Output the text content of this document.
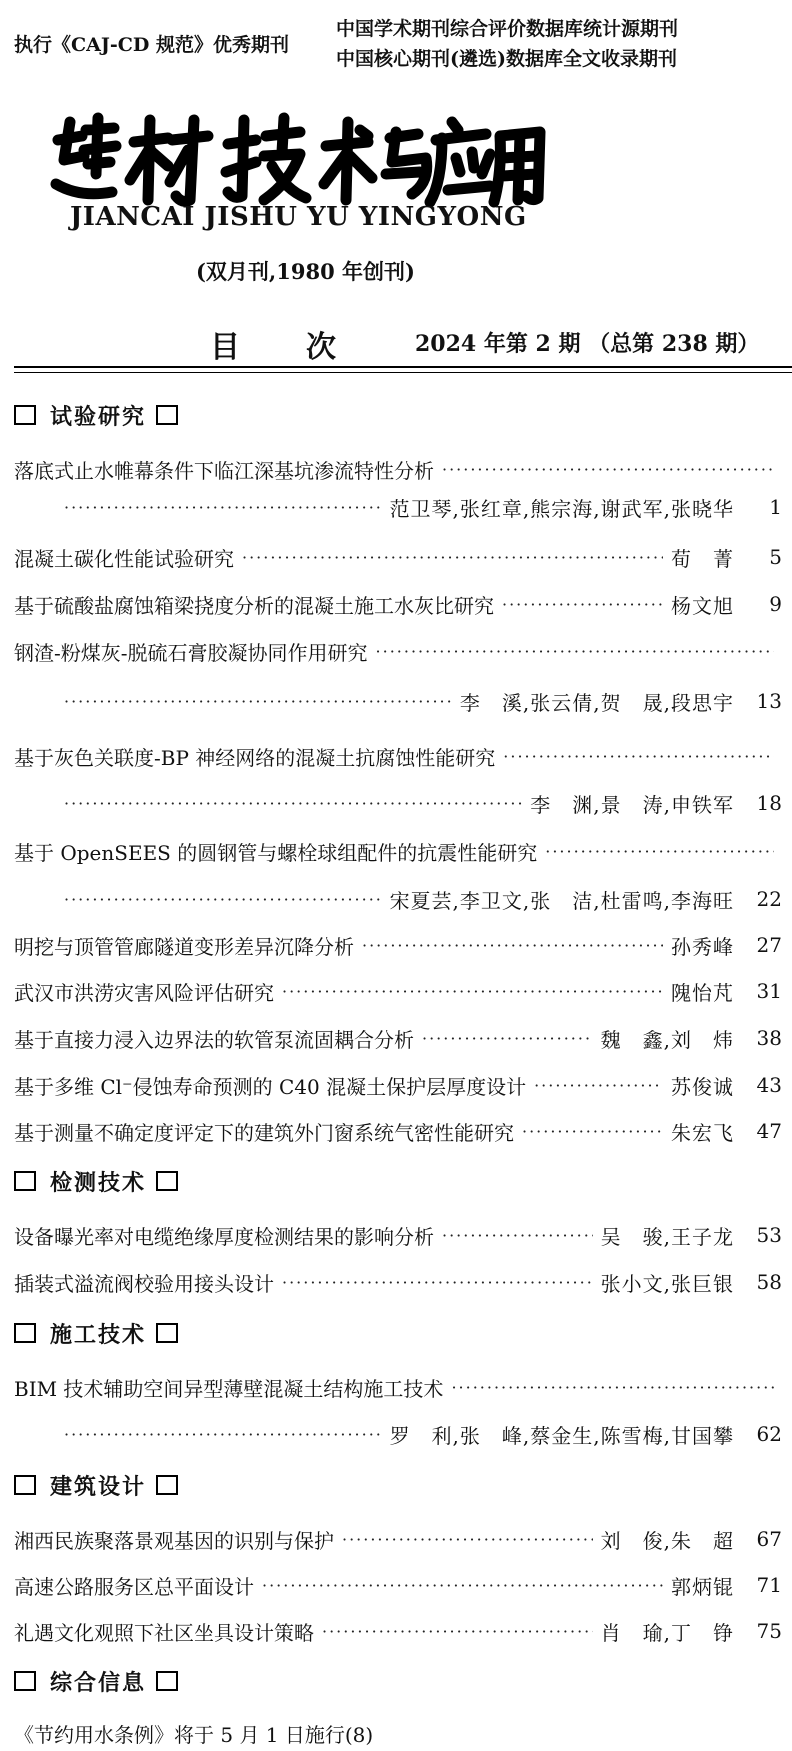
执行《CAJ-CD 规范》优秀期刊
中国学术期刊综合评价数据库统计源期刊
中国核心期刊(遴选)数据库全文收录期刊
JIANCAI JISHU YU YINGYONG
(双月刊,1980 年创刊)
目 次	2024 年第 2 期 （总第 238 期）
试验研究
落底式止水帷幕条件下临江深基坑渗流特性分析
·····
·····
范卫琴,张红章,熊宗海,谢武军,张晓华	1
混凝土碳化性能试验研究 ·····	荀　菁	5
基于硫酸盐腐蚀箱梁挠度分析的混凝土施工水灰比研究 ·····	杨文旭	9
钢渣-粉煤灰-脱硫石膏胶凝协同作用研究
·····
·····
李　溪,张云倩,贺　晟,段思宇	13
基于灰色关联度-BP 神经网络的混凝土抗腐蚀性能研究
·····
·····
李　渊,景　涛,申铁军	18
基于 OpenSEES 的圆钢管与螺栓球组配件的抗震性能研究
·····
·····
宋夏芸,李卫文,张　洁,杜雷鸣,李海旺	22
明挖与顶管管廊隧道变形差异沉降分析 ·····	孙秀峰	27
武汉市洪涝灾害风险评估研究 ·····	隗怡芃	31
基于直接力浸入边界法的软管泵流固耦合分析 ·····	魏　鑫,刘　炜	38
基于多维 Cl⁻侵蚀寿命预测的 C40 混凝土保护层厚度设计 ·····	苏俊诚	43
基于测量不确定度评定下的建筑外门窗系统气密性能研究 ·····	朱宏飞	47
检测技术
设备曝光率对电缆绝缘厚度检测结果的影响分析 ·····	吴　骏,王子龙	53
插装式溢流阀校验用接头设计 ·····	张小文,张巨银	58
施工技术
BIM 技术辅助空间异型薄壁混凝土结构施工技术
·····
·····
罗　利,张　峰,蔡金生,陈雪梅,甘国攀	62
建筑设计
湘西民族聚落景观基因的识别与保护 ·····	刘　俊,朱　超	67
高速公路服务区总平面设计 ·····	郭炳锟	71
礼遇文化观照下社区坐具设计策略 ·····	肖　瑜,丁　铮	75
综合信息
《节约用水条例》将于 5 月 1 日施行(8)
